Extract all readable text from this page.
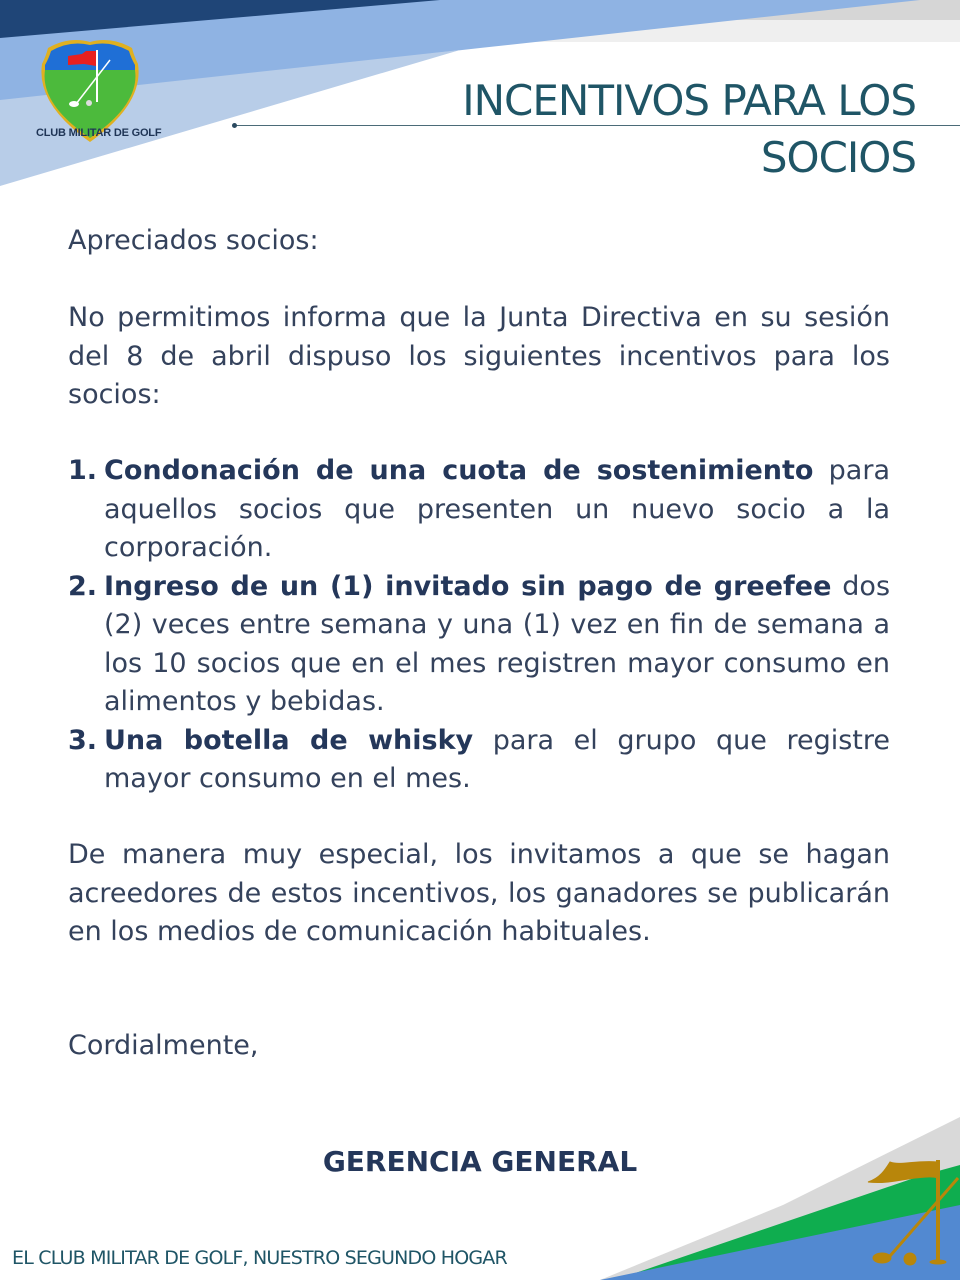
CLUB MILITAR DE GOLF
INCENTIVOS PARA LOS
SOCIOS
Apreciados socios:
No permitimos informa que la Junta Directiva en su sesión del 8 de abril dispuso los siguientes incentivos para los socios:
1. Condonación de una cuota de sostenimiento para aquellos socios que presenten un nuevo socio a la corporación.
2. Ingreso de un (1) invitado sin pago de greefee dos (2) veces entre semana y una (1) vez en fin de semana a los 10 socios que en el mes registren mayor consumo en alimentos y bebidas.
3. Una botella de whisky para el grupo que registre mayor consumo en el mes.
De manera muy especial, los invitamos a que se hagan acreedores de estos incentivos, los ganadores se publicarán en los medios de comunicación habituales.
Cordialmente,
GERENCIA GENERAL
EL CLUB MILITAR DE GOLF, NUESTRO SEGUNDO HOGAR
